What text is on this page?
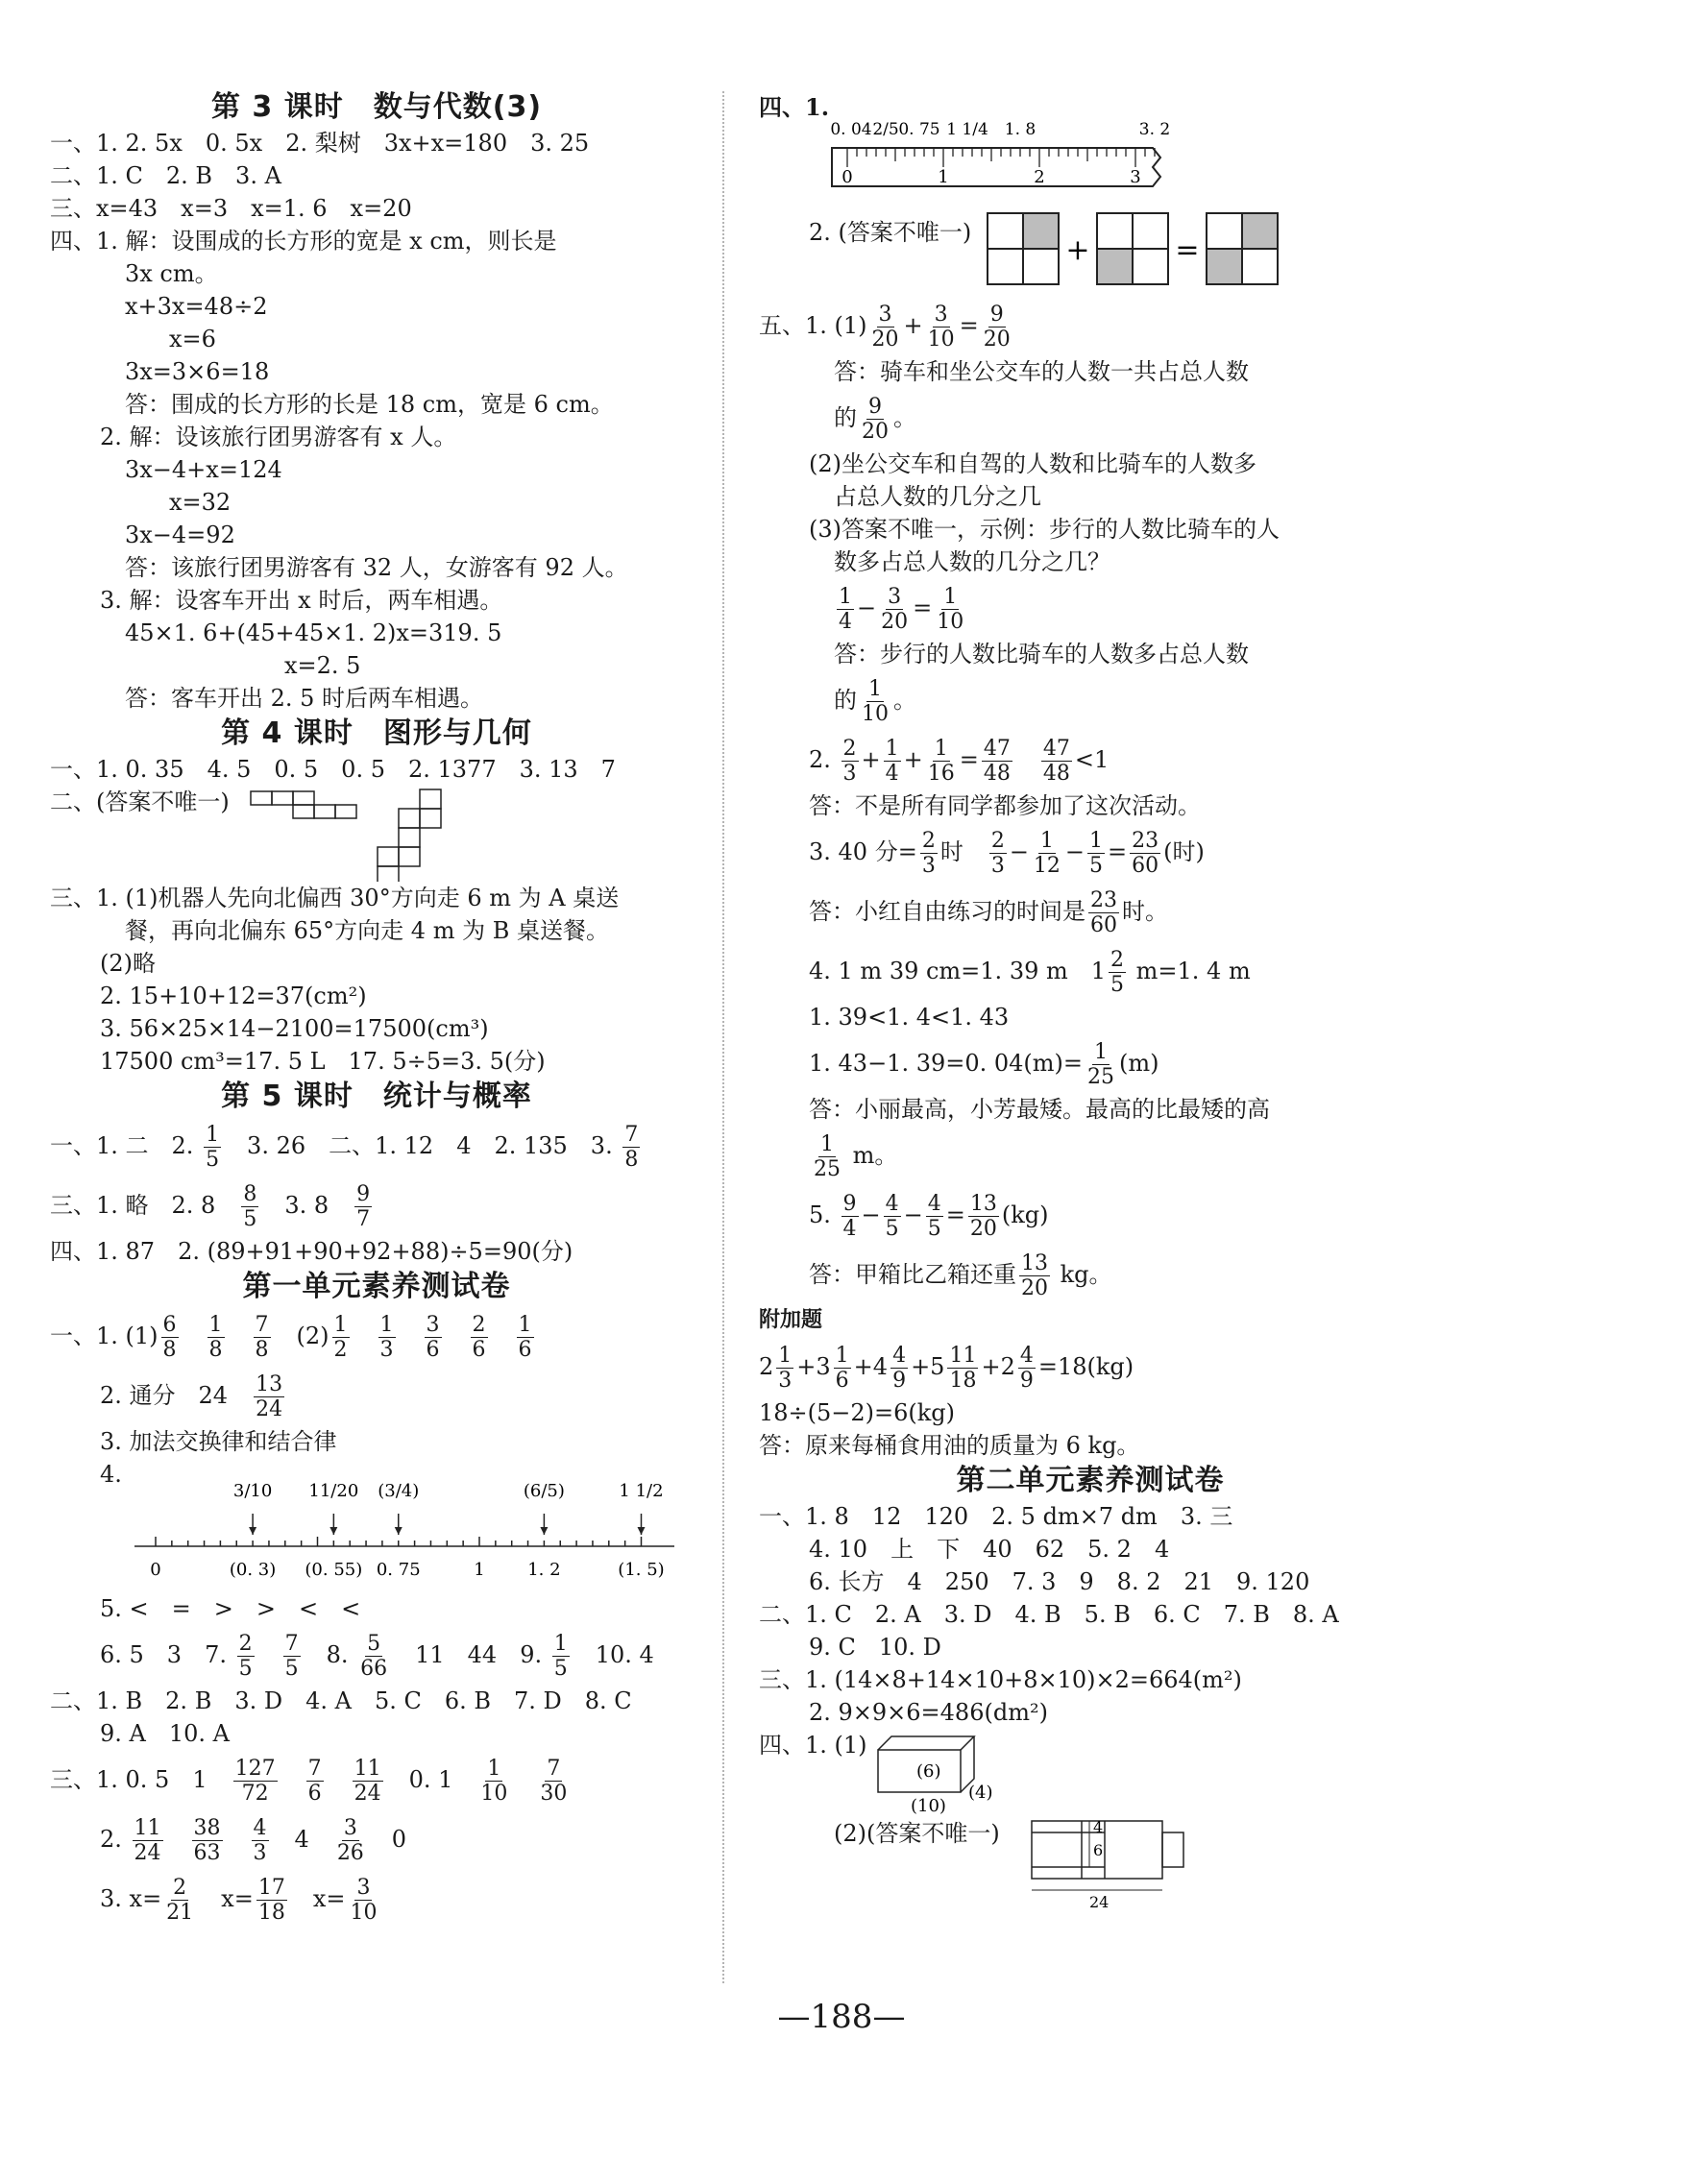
第 3 课时　数与代数(3)
一、1. 2. 5x　0. 5x　2. 梨树　3x+x=180　3. 25
二、1. C　2. B　3. A
三、x=43　x=3　x=1. 6　x=20
四、1. 解：设围成的长方形的宽是 x cm，则长是
3x cm。
x+3x=48÷2
　x=6
3x=3×6=18
答：围成的长方形的长是 18 cm，宽是 6 cm。
2. 解：设该旅行团男游客有 x 人。
3x−4+x=124
　x=32
3x−4=92
答：该旅行团男游客有 32 人，女游客有 92 人。
3. 解：设客车开出 x 时后，两车相遇。
45×1. 6+(45+45×1. 2)x=319. 5
　　　　　　x=2. 5
答：客车开出 2. 5 时后两车相遇。
第 4 课时　图形与几何
一、1. 0. 35　4. 5　0. 5　0. 5　2. 1377　3. 13　7
二、(答案不唯一)
三、1. (1)机器人先向北偏西 30°方向走 6 m 为 A 桌送
餐，再向北偏东 65°方向走 4 m 为 B 桌送餐。
(2)略
2. 15+10+12=37(cm²)
3. 56×25×14−2100=17500(cm³)
17500 cm³=17. 5 L　17. 5÷5=3. 5(分)
第 5 课时　统计与概率
一、1. 二　2. $\frac{1}{5}$ 　3. 26　二、1. 12　4　2. 135　3. $\frac{7}{8}$
三、1. 略　2. 8　 $\frac{8}{5}$ 　3. 8　 $\frac{9}{7}$
四、1. 87　2. (89+91+90+92+88)÷5=90(分)
第一单元素养测试卷
一、1. $(1) \frac{6}{8}$
　 $\frac{1}{8}$
　 $\frac{7}{8}$ 　$(2) \frac{1}{2}$
　 $\frac{1}{3}$
　 $\frac{3}{6}$
　 $\frac{2}{6}$
　 $\frac{1}{6}$
2. 通分　24　 $\frac{13}{24}$
3. 加法交换律和结合律
4.
3/10 11/20 (3/4)	(6/5)	1 1/2
0	(0. 3) (0. 55) 0. 75	1 1. 2	(1. 5)
5. <　=　>　>　<　<
6. 5　3　7. $\frac{2}{5}$
　 $\frac{7}{5}$ 　8. $\frac{5}{66}$ 　11　44　9. $\frac{1}{5}$ 　10. 4
二、1. B　2. B　3. D　4. A　5. C　6. B　7. D　8. C
9. A　10. A
三、1. 0. 5　1　 $\frac{127}{72}$
　 $\frac{7}{6}$
　 $\frac{11}{24}$ 　0. 1　 $\frac{1}{10}$
　 $\frac{7}{30}$
2. $\frac{11}{24}$
　 $\frac{38}{63}$
　 $\frac{4}{3}$ 　4　 $\frac{3}{26}$ 　0
3. $x= \frac{2}{21}$ 　$x= \frac{17}{18}$ 　$x= \frac{3}{10}$
四、1.
0	1	2	3
0. 04 2/5 0. 75 1 1/4 1. 8	3. 2
2. (答案不唯一)
+	=
五、1. $(1) \frac{3}{20} + \frac{3}{10} = \frac{9}{20}$
答：骑车和坐公交车的人数一共占总人数
的 $\frac{9}{20}$ 。
(2)坐公交车和自驾的人数和比骑车的人数多
占总人数的几分之几
(3)答案不唯一，示例：步行的人数比骑车的人
数多占总人数的几分之几？
$\frac{1}{4} - \frac{3}{20} = \frac{1}{10}$
答：步行的人数比骑车的人数多占总人数
的 $\frac{1}{10}$ 。
2. $\frac{2}{3} + \frac{1}{4} + \frac{1}{16} = \frac{47}{48}$
　 $\frac{47}{48} <1$
答：不是所有同学都参加了这次活动。
3. 40 分= $\frac{2}{3}$ 时　 $\frac{2}{3} - \frac{1}{12} - \frac{1}{5} = \frac{23}{60}$ (时)
答：小红自由练习的时间是 $\frac{23}{60}$ 时。
4. 1 m 39 cm=1. 39 m　$1 \frac{2}{5} m=1$. 4 m
1. 39<1. 4<1. 43
1. 43−1. 39=0. $04(m)= \frac{1}{25} (m)$
答：小丽最高，小芳最矮。最高的比最矮的高
$\frac{1}{25}$ m。
5. $\frac{9}{4} - \frac{4}{5} - \frac{4}{5} = \frac{13}{20} (kg)$
答：甲箱比乙箱还重 $\frac{13}{20}$ kg。
附加题
$2 \frac{1}{3} +3 \frac{1}{6} +4 \frac{4}{9} +5 \frac{11}{18} +2 \frac{4}{9} =18(kg)$
18÷(5−2)=6(kg)
答：原来每桶食用油的质量为 6 kg。
第二单元素养测试卷
一、1. 8　12　120　2. 5 dm×7 dm　3. 三
4. 10　上　下　40　62　5. 2　4
6. 长方　4　250　7. 3　9　8. 2　21　9. 120
二、1. C　2. A　3. D　4. B　5. B　6. C　7. B　8. A
9. C　10. D
三、1. (14×8+14×10+8×10)×2=664(m²)
2. 9×9×6=486(dm²)
四、1. (1)
(6)
(4)
(10)
(2)(答案不唯一)	4
6
24
—188—
